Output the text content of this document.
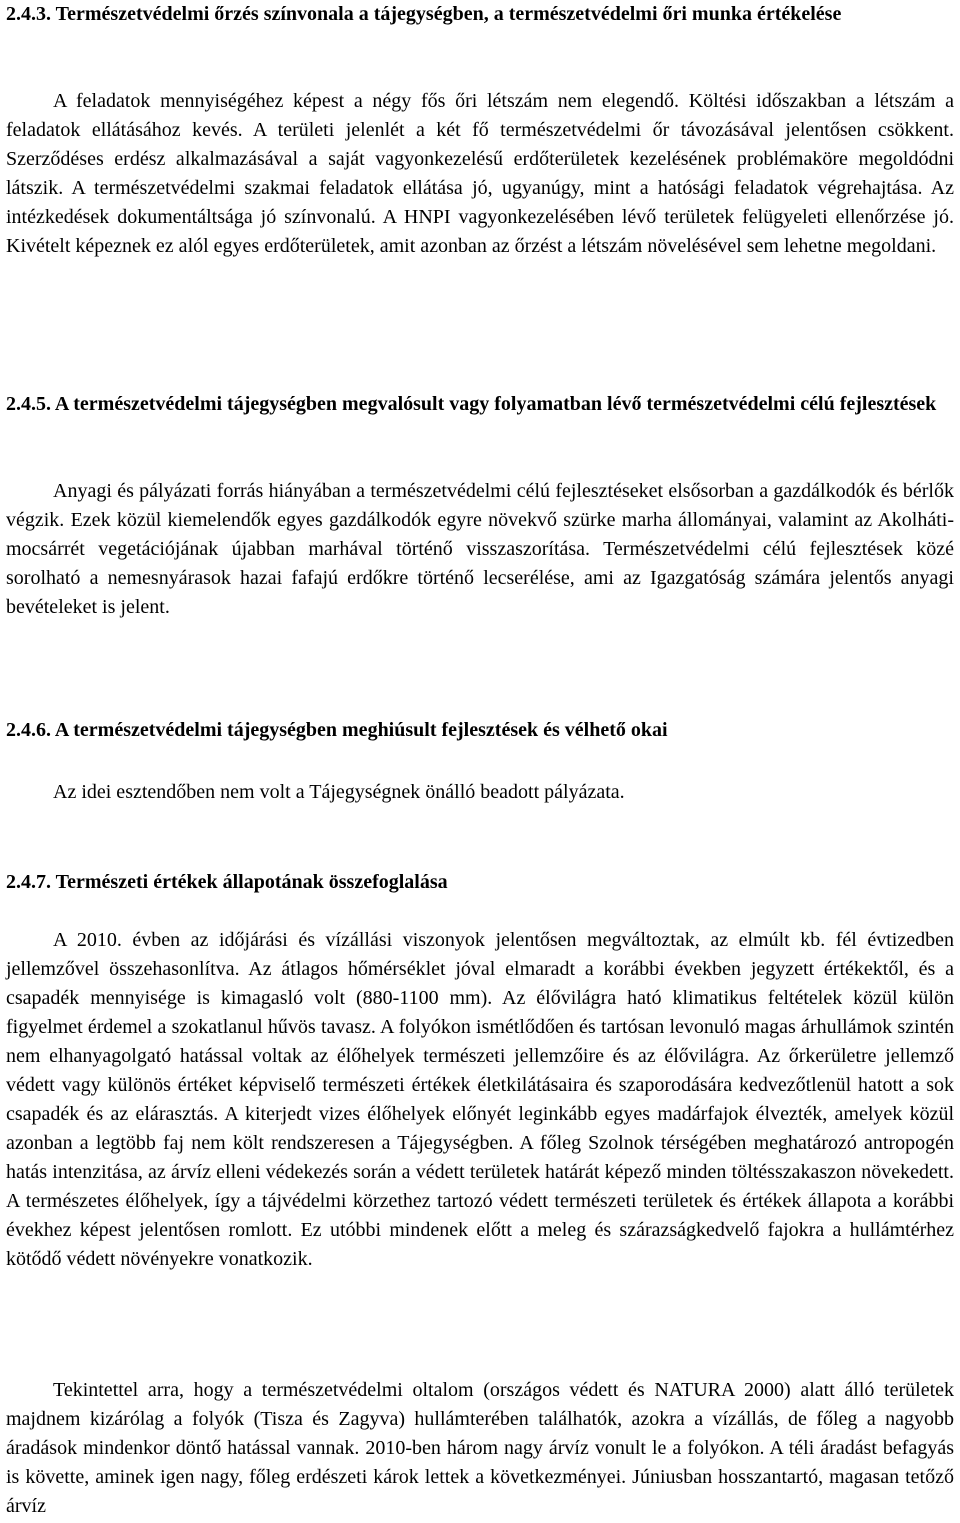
2.4.3. Természetvédelmi őrzés színvonala a tájegységben, a természetvédelmi őri munka értékelése

A feladatok mennyiségéhez képest a négy fős őri létszám nem elegendő. Költési időszakban a létszám a feladatok ellátásához kevés. A területi jelenlét a két fő természetvédelmi őr távozásával jelentősen csökkent. Szerződéses erdész alkalmazásával a saját vagyonkezelésű erdőterületek kezelésének problémaköre megoldódni látszik. A természetvédelmi szakmai feladatok ellátása jó, ugyanúgy, mint a hatósági feladatok végrehajtása. Az intézkedések dokumentáltsága jó színvonalú. A HNPI vagyonkezelésében lévő területek felügyeleti ellenőrzése jó. Kivételt képeznek ez alól egyes erdőterületek, amit azonban az őrzést a létszám növelésével sem lehetne megoldani.

2.4.5. A természetvédelmi tájegységben megvalósult vagy folyamatban lévő természetvédelmi célú fejlesztések

Anyagi és pályázati forrás hiányában a természetvédelmi célú fejlesztéseket elsősorban a gazdálkodók és bérlők végzik. Ezek közül kiemelendők egyes gazdálkodók egyre növekvő szürke marha állományai, valamint az Akolháti-mocsárrét vegetációjának újabban marhával történő visszaszorítása. Természetvédelmi célú fejlesztések közé sorolható a nemesnyárasok hazai fafajú erdőkre történő lecserélése, ami az Igazgatóság számára jelentős anyagi bevételeket is jelent.

2.4.6. A természetvédelmi tájegységben meghiúsult fejlesztések és vélhető okai

Az idei esztendőben nem volt a Tájegységnek önálló beadott pályázata.

2.4.7. Természeti értékek állapotának összefoglalása

A 2010. évben az időjárási és vízállási viszonyok jelentősen megváltoztak, az elmúlt kb. fél évtizedben jellemzővel összehasonlítva. Az átlagos hőmérséklet jóval elmaradt a korábbi években jegyzett értékektől, és a csapadék mennyisége is kimagasló volt (880-1100 mm). Az élővilágra ható klimatikus feltételek közül külön figyelmet érdemel a szokatlanul hűvös tavasz. A folyókon ismétlődően és tartósan levonuló magas árhullámok szintén nem elhanyagolgató hatással voltak az élőhelyek természeti jellemzőire és az élővilágra. Az őrkerületre jellemző védett vagy különös értéket képviselő természeti értékek életkilátásaira és szaporodására kedvezőtlenül hatott a sok csapadék és az elárasztás. A kiterjedt vizes élőhelyek előnyét leginkább egyes madárfajok élvezték, amelyek közül azonban a legtöbb faj nem költ rendszeresen a Tájegységben. A főleg Szolnok térségében meghatározó antropogén hatás intenzitása, az árvíz elleni védekezés során a védett területek határát képező minden töltésszakaszon növekedett. A természetes élőhelyek, így a tájvédelmi körzethez tartozó védett természeti területek és értékek állapota a korábbi évekhez képest jelentősen romlott. Ez utóbbi mindenek előtt a meleg és szárazságkedvelő fajokra a hullámtérhez kötődő védett növényekre vonatkozik.

Tekintettel arra, hogy a természetvédelmi oltalom (országos védett és NATURA 2000) alatt álló területek majdnem kizárólag a folyók (Tisza és Zagyva) hullámterében találhatók, azokra a vízállás, de főleg a nagyobb áradások mindenkor döntő hatással vannak. 2010-ben három nagy árvíz vonult le a folyókon. A téli áradást befagyás is követte, aminek igen nagy, főleg erdészeti károk lettek a következményei. Júniusban hosszantartó, magasan tetőző árvíz
